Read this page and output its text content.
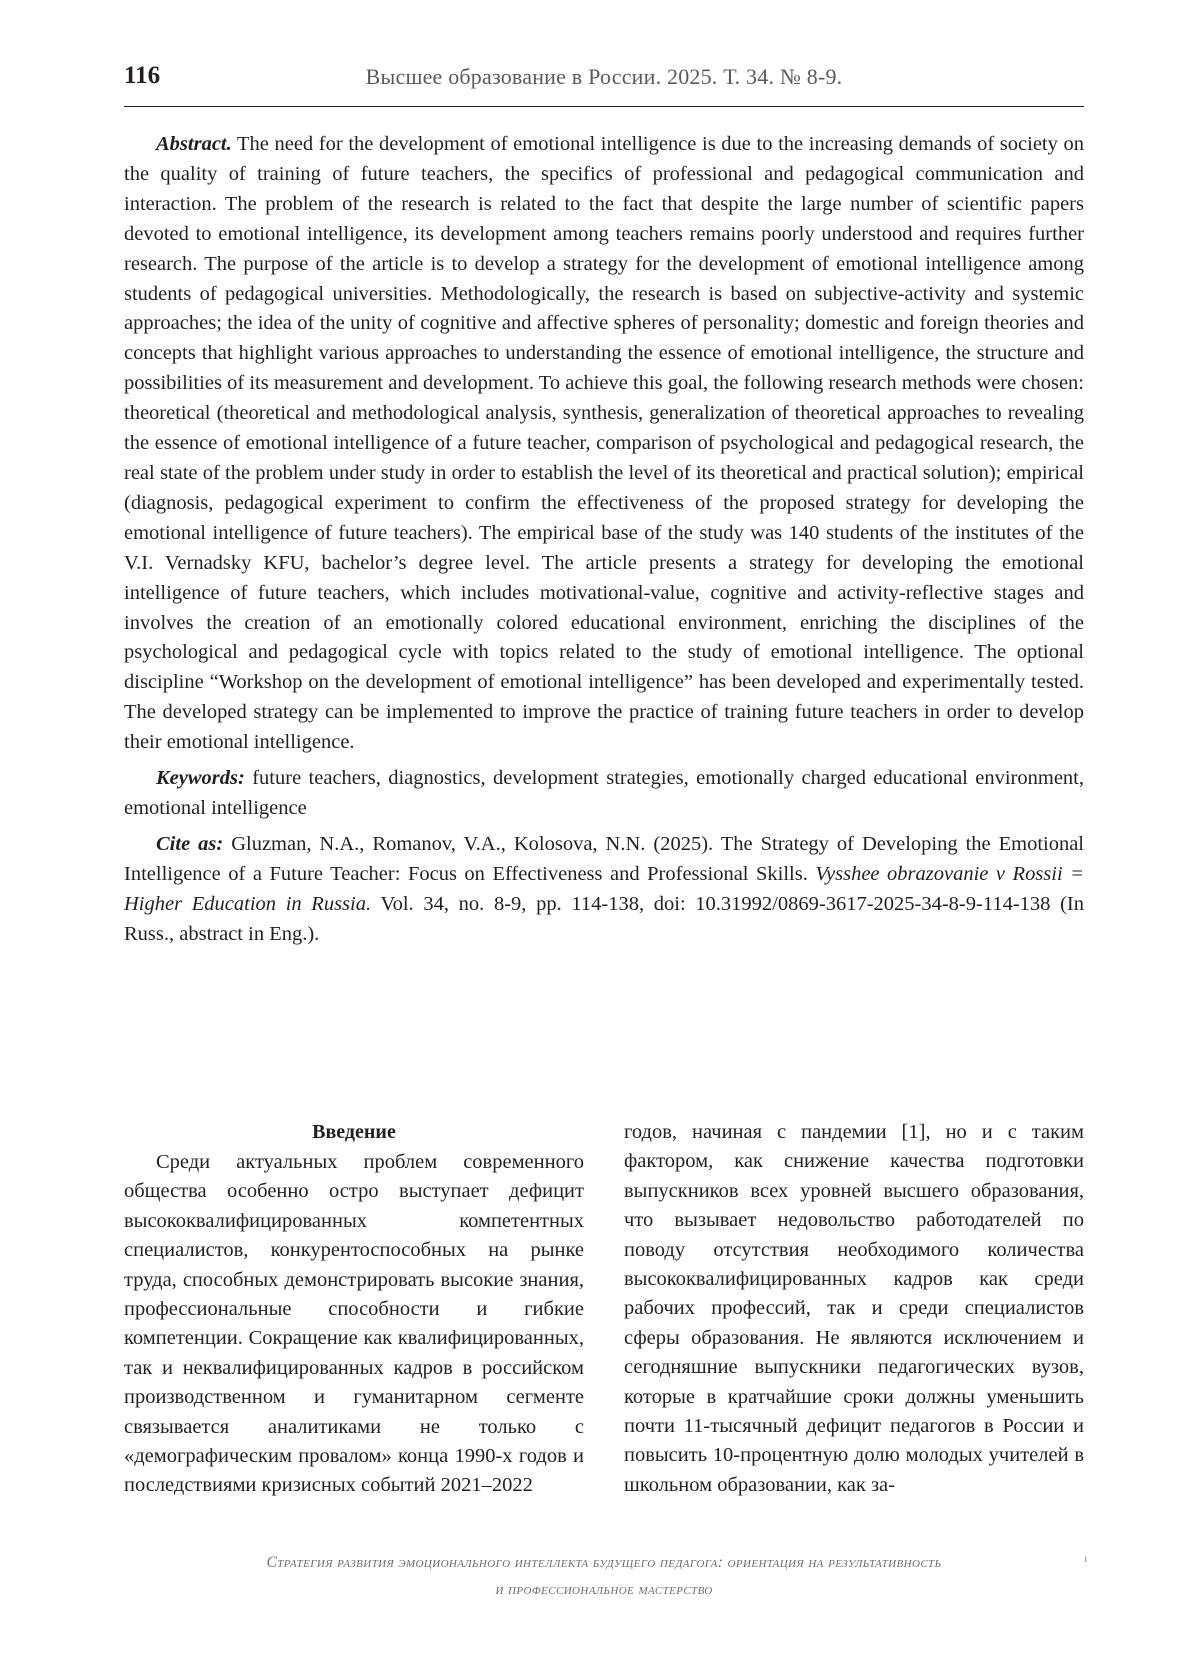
116	Высшее образование в России. 2025. Т. 34. № 8-9.

Abstract. The need for the development of emotional intelligence is due to the increasing demands of society on the quality of training of future teachers, the specifics of professional and pedagogical communication and interaction. The problem of the research is related to the fact that despite the large number of scientific papers devoted to emotional intelligence, its development among teachers remains poorly understood and requires further research. The purpose of the article is to develop a strategy for the development of emotional intelligence among students of pedagogical universities. Methodologically, the research is based on subjective-activity and systemic approaches; the idea of the unity of cognitive and affective spheres of personality; domestic and foreign theories and concepts that highlight various approaches to understanding the essence of emotional intelligence, the structure and possibilities of its measurement and development. To achieve this goal, the following research methods were chosen: theoretical (theoretical and methodological analysis, synthesis, generalization of theoretical approaches to revealing the essence of emotional intelligence of a future teacher, comparison of psychological and pedagogical research, the real state of the problem under study in order to establish the level of its theoretical and practical solution); empirical (diagnosis, pedagogical experiment to confirm the effectiveness of the proposed strategy for developing the emotional intelligence of future teachers). The empirical base of the study was 140 students of the institutes of the V.I. Vernadsky KFU, bachelor’s degree level. The article presents a strategy for developing the emotional intelligence of future teachers, which includes motivational-value, cognitive and activity-reflective stages and involves the creation of an emotionally colored educational environment, enriching the disciplines of the psychological and pedagogical cycle with topics related to the study of emotional intelligence. The optional discipline “Workshop on the development of emotional intelligence” has been developed and experimentally tested. The developed strategy can be implemented to improve the practice of training future teachers in order to develop their emotional intelligence.

Keywords: future teachers, diagnostics, development strategies, emotionally charged educational environment, emotional intelligence

Cite as: Gluzman, N.A., Romanov, V.A., Kolosova, N.N. (2025). The Strategy of Developing the Emotional Intelligence of a Future Teacher: Focus on Effectiveness and Professional Skills. Vysshee obrazovanie v Rossii = Higher Education in Russia. Vol. 34, no. 8-9, pp. 114-138, doi: 10.31992/0869-3617-2025-34-8-9-114-138 (In Russ., abstract in Eng.).

Введение

Среди актуальных проблем современного общества особенно остро выступает дефицит высококвалифицированных компетентных специалистов, конкурентоспособных на рынке труда, способных демонстрировать высокие знания, профессиональные способности и гибкие компетенции. Сокращение как квалифицированных, так и неквалифицированных кадров в российском производственном и гуманитарном сегменте связывается аналитиками не только с «демографическим провалом» конца 1990-х годов и последствиями кризисных событий 2021–2022

годов, начиная с пандемии [1], но и с таким фактором, как снижение качества подготовки выпускников всех уровней высшего образования, что вызывает недовольство работодателей по поводу отсутствия необходимого количества высококвалифицированных кадров как среди рабочих профессий, так и среди специалистов сферы образования. Не являются исключением и сегодняшние выпускники педагогических вузов, которые в кратчайшие сроки должны уменьшить почти 11-тысячный дефицит педагогов в России и повысить 10-процентную долю молодых учителей в школьном образовании, как за-

Стратегия развития эмоционального интеллекта будущего педагога: ориентация на результативность
и профессиональное мастерство
ı
